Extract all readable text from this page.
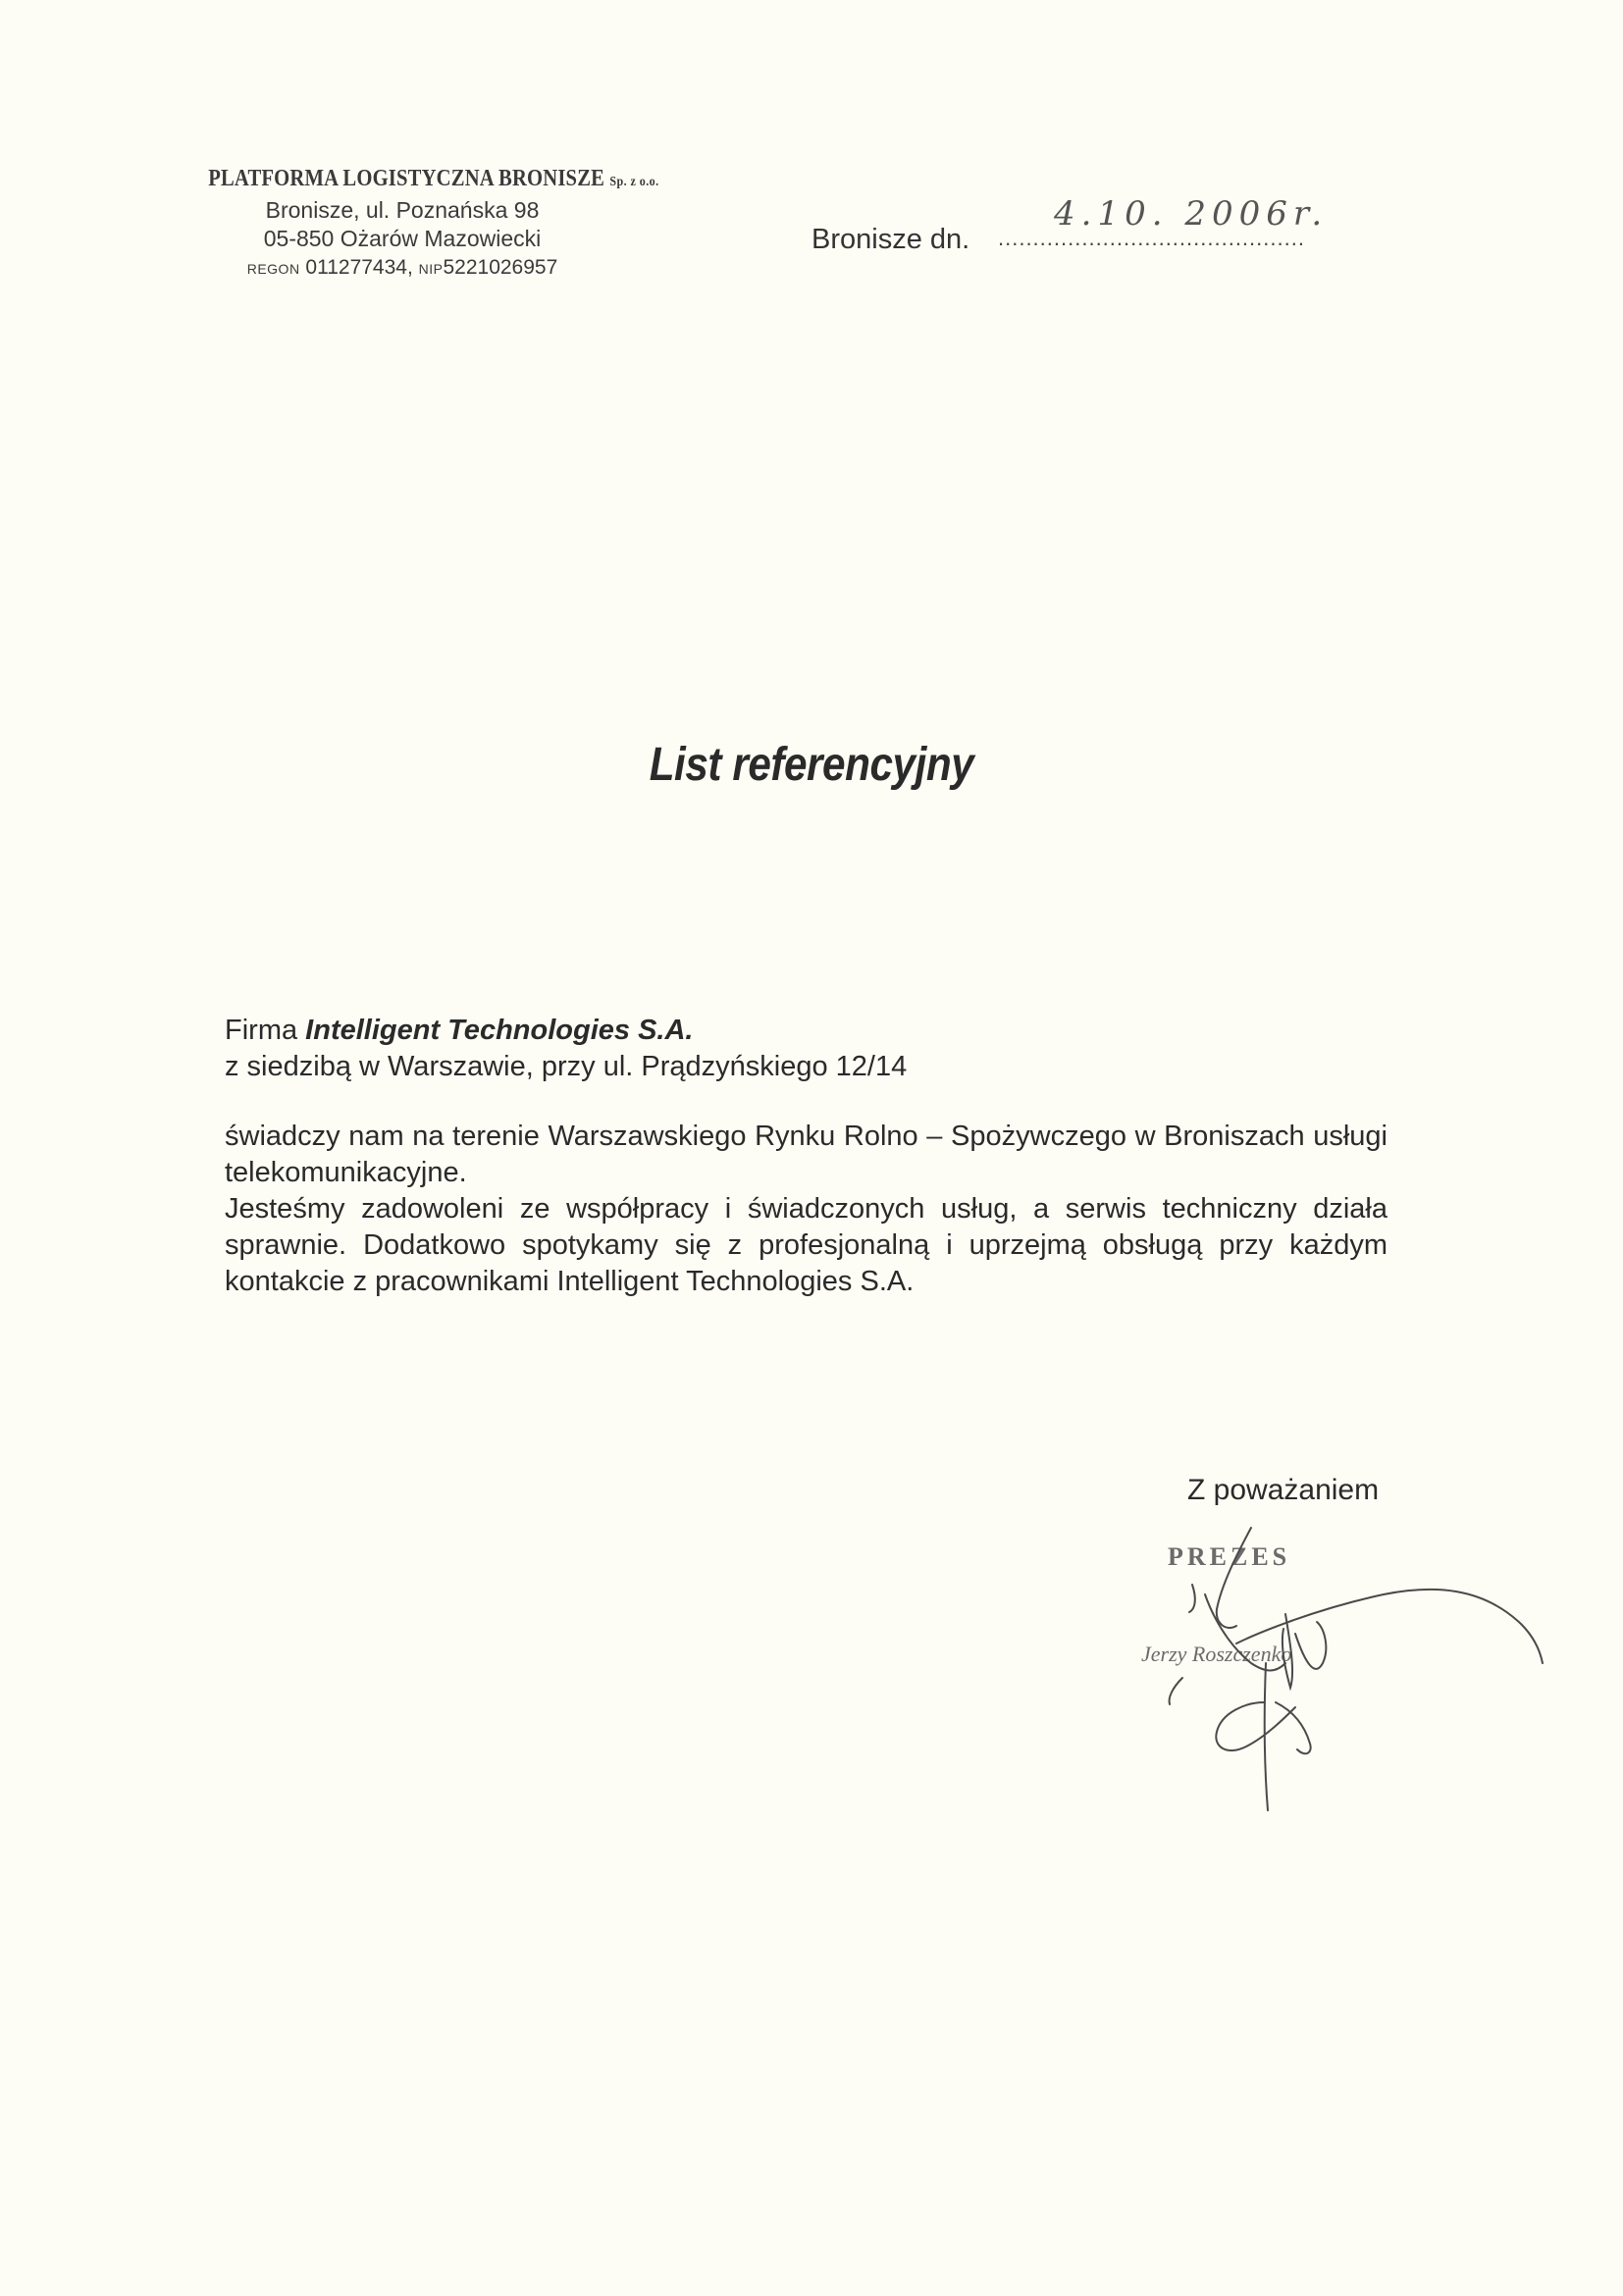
PLATFORMA LOGISTYCZNA BRONISZE Sp. z o.o.
Bronisze, ul. Poznańska 98
05-850 Ożarów Mazowiecki
REGON 011277434, NIP5221026957
Bronisze dn. ............................................
4.10. 2006r.
List referencyjny
Firma Intelligent Technologies S.A.
z siedzibą w Warszawie, przy ul. Prądzyńskiego 12/14

świadczy nam na terenie Warszawskiego Rynku Rolno – Spożywczego w Broniszach usługi telekomunikacyjne.

Jesteśmy zadowoleni ze współpracy i świadczonych usług, a serwis techniczny działa sprawnie. Dodatkowo spotykamy się z profesjonalną i uprzejmą obsługą przy każdym kontakcie z pracownikami Intelligent Technologies S.A.

Z poważaniem
PREZES
Jerzy Roszczenko
